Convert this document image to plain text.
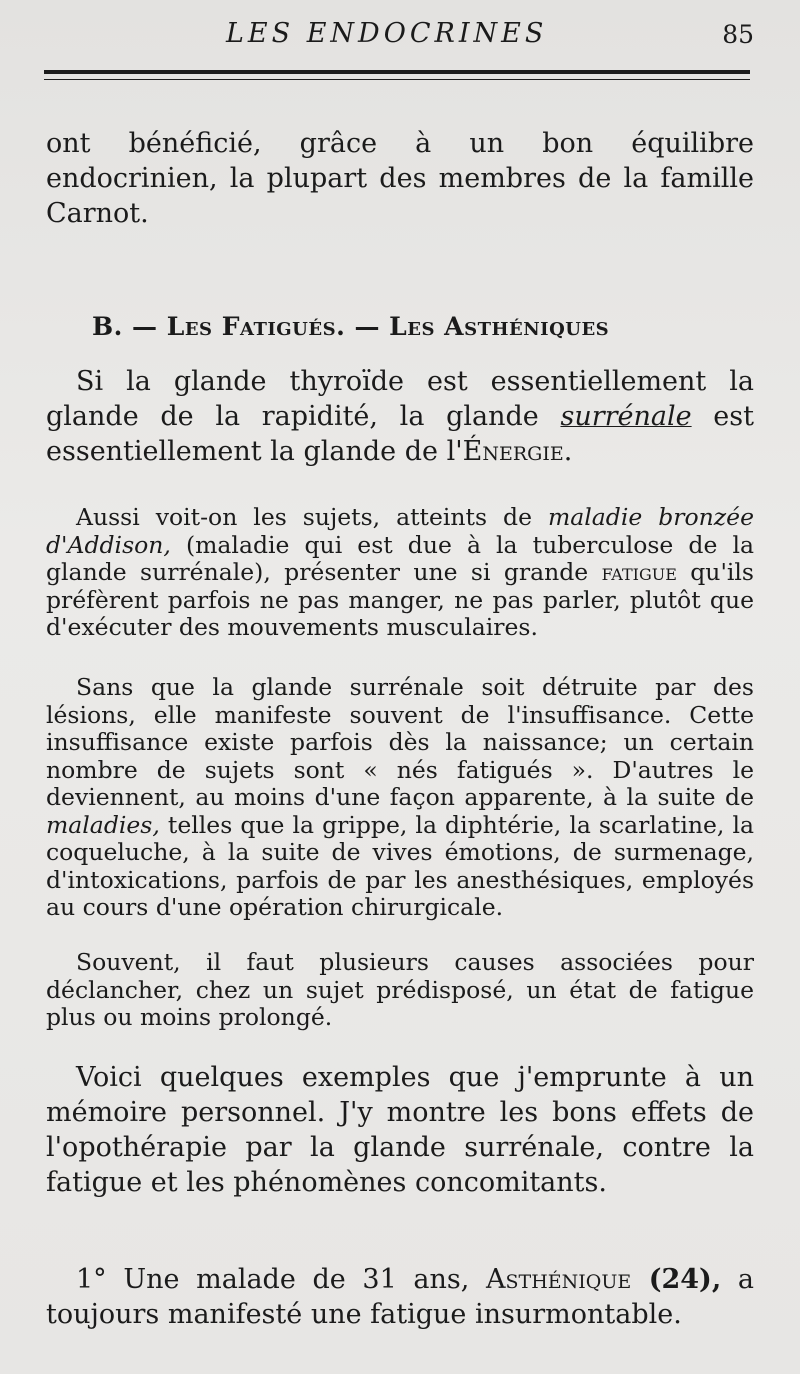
LES ENDOCRINES	85

ont bénéficié, grâce à un bon équilibre endocrinien, la plupart des membres de la famille Carnot.

B. — Les Fatigués. — Les Asthéniques

Si la glande thyroïde est essentiellement la glande de la rapidité, la glande surrénale est essentiellement la glande de l'Énergie.

Aussi voit-on les sujets, atteints de maladie bronzée d'Addison, (maladie qui est due à la tuberculose de la glande surrénale), présenter une si grande fatigue qu'ils préfèrent parfois ne pas manger, ne pas parler, plutôt que d'exécuter des mouvements musculaires.

Sans que la glande surrénale soit détruite par des lésions, elle manifeste souvent de l'insuffisance. Cette insuffisance existe parfois dès la naissance; un certain nombre de sujets sont « nés fatigués ». D'autres le deviennent, au moins d'une façon apparente, à la suite de maladies, telles que la grippe, la diphtérie, la scarlatine, la coqueluche, à la suite de vives émotions, de surmenage, d'intoxications, parfois de par les anesthésiques, employés au cours d'une opération chirurgicale.

Souvent, il faut plusieurs causes associées pour déclancher, chez un sujet prédisposé, un état de fatigue plus ou moins prolongé.

Voici quelques exemples que j'emprunte à un mémoire personnel. J'y montre les bons effets de l'opothérapie par la glande surrénale, contre la fatigue et les phénomènes concomitants.

1° Une malade de 31 ans, Asthénique (24), a toujours manifesté une fatigue insurmontable.
